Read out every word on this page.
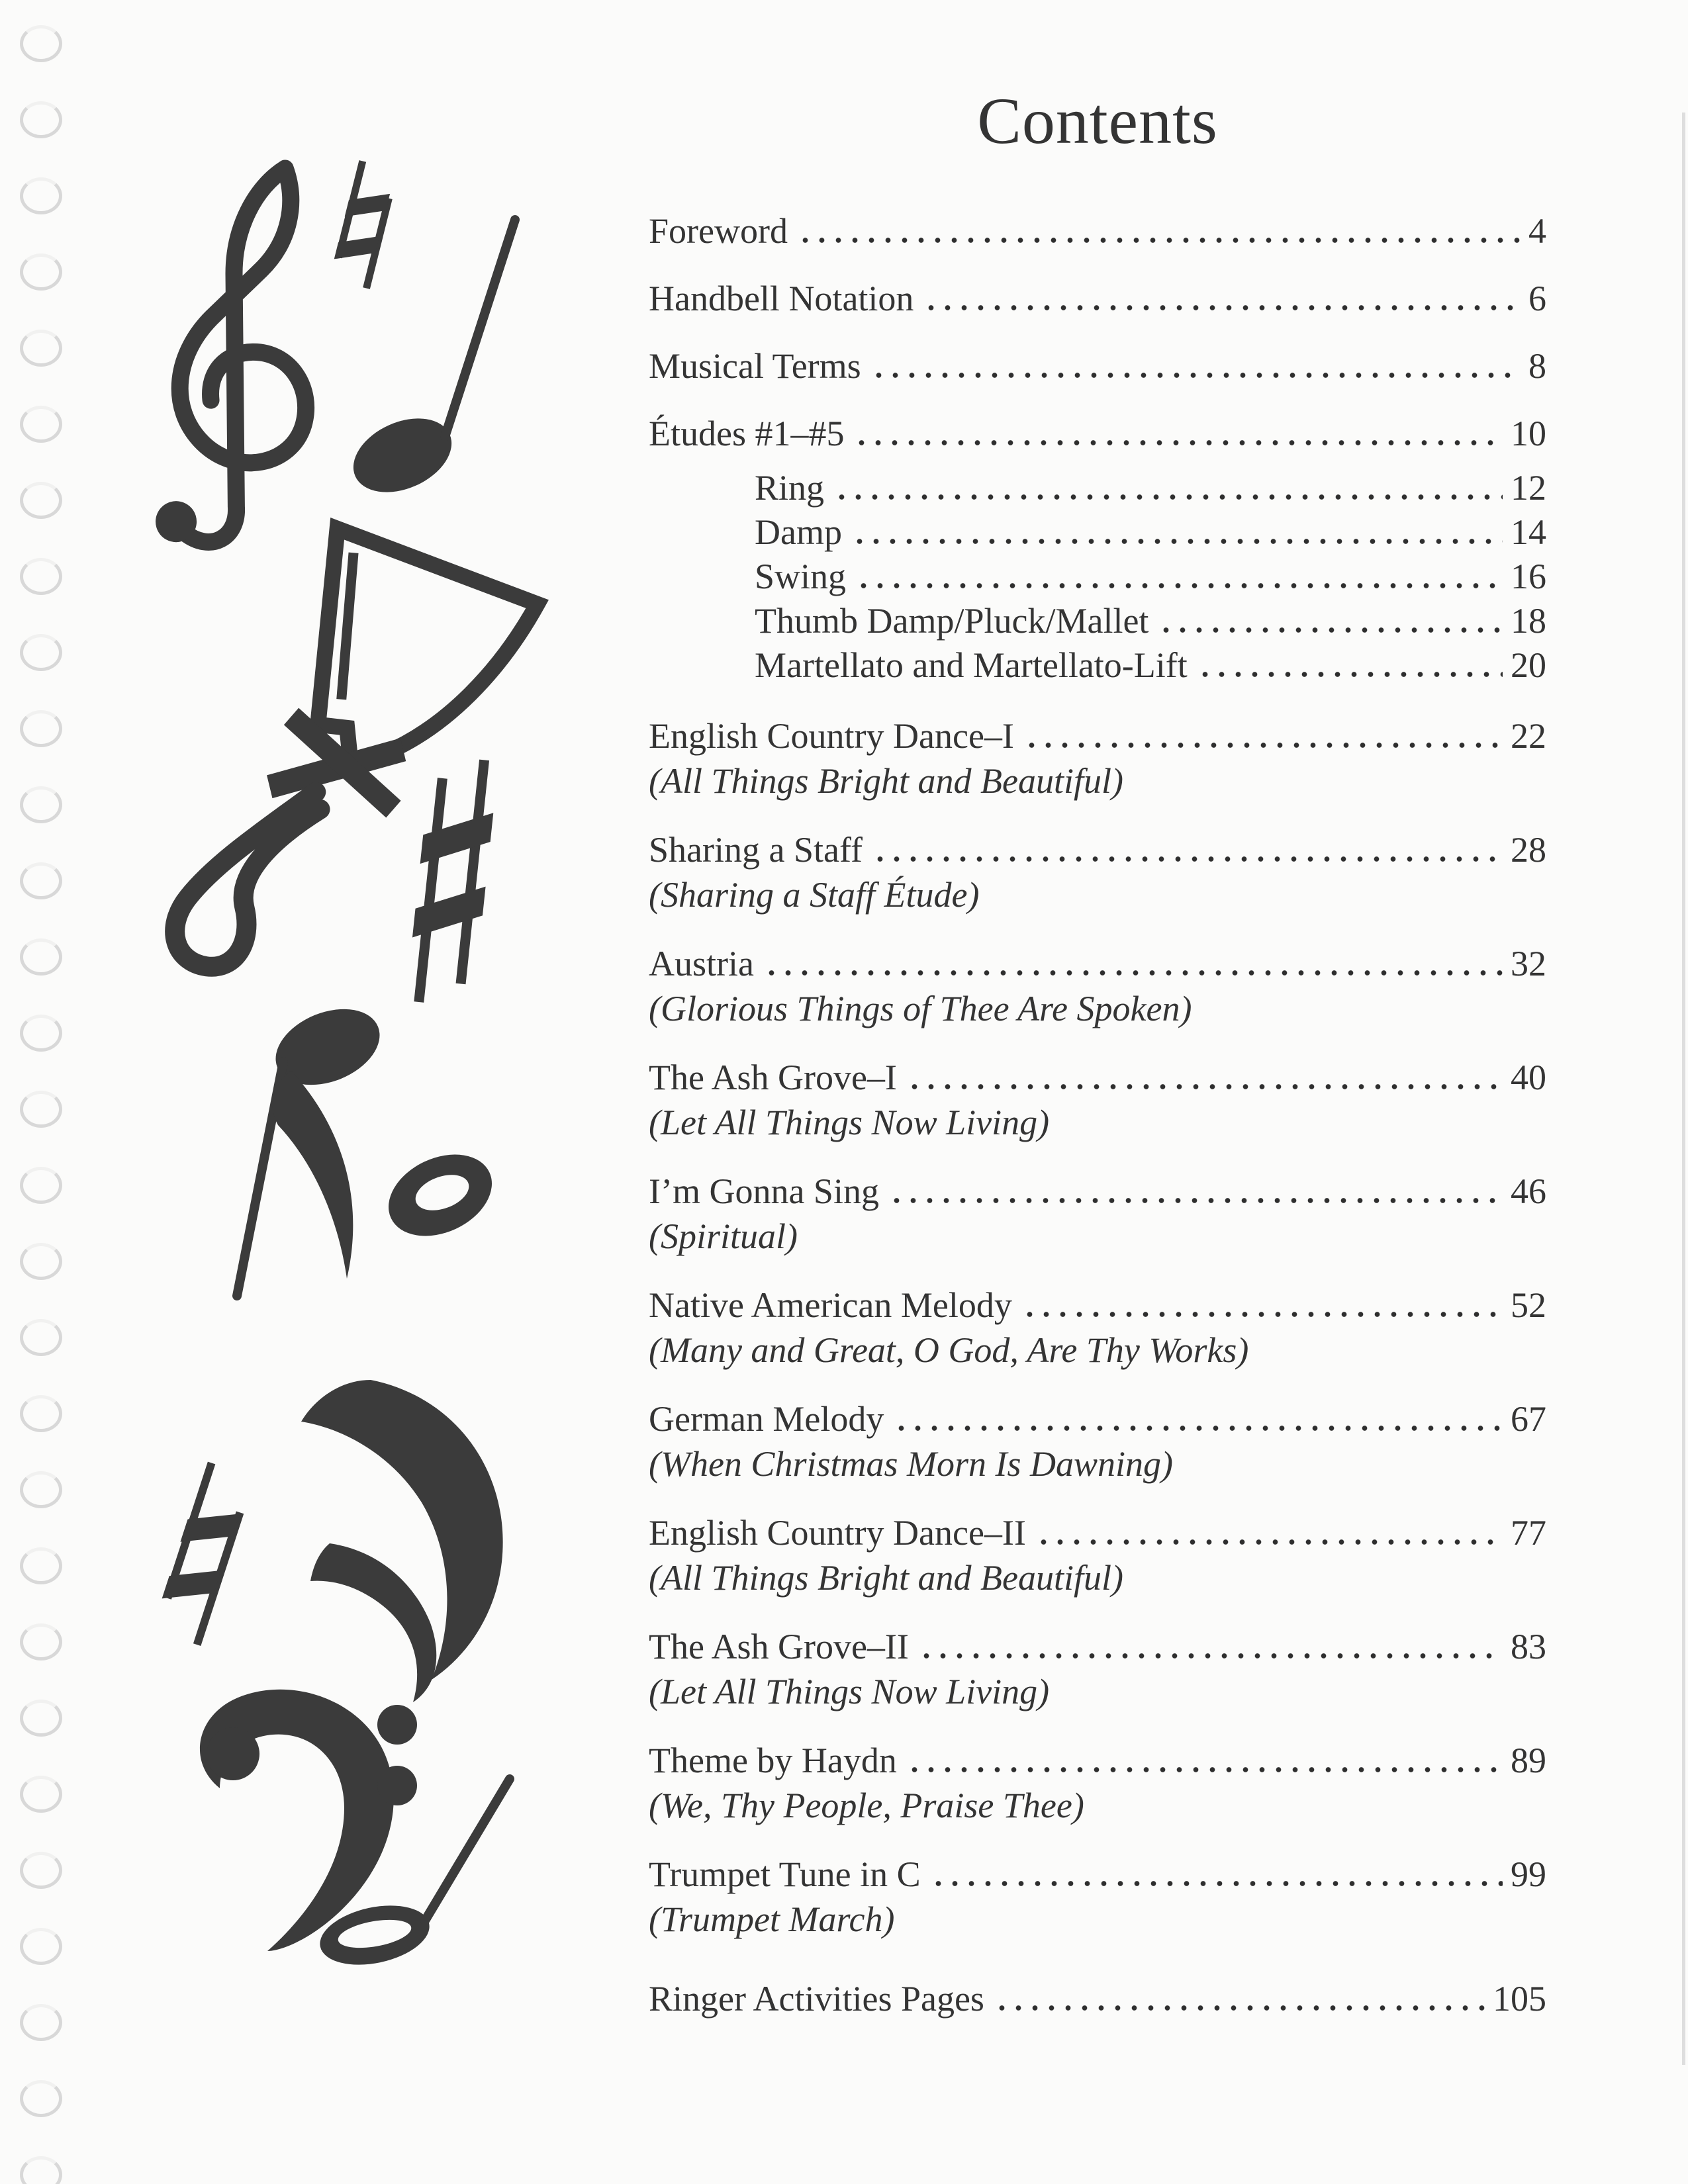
Contents
Foreword	4
Handbell Notation	6
Musical Terms	8
Études #1–#5	10
Ring	12
Damp	14
Swing	16
Thumb Damp/Pluck/Mallet	18
Martellato and Martellato-Lift	20
English Country Dance–I	22
(All Things Bright and Beautiful)
Sharing a Staff	28
(Sharing a Staff Étude)
Austria	32
(Glorious Things of Thee Are Spoken)
The Ash Grove–I	40
(Let All Things Now Living)
I’m Gonna Sing	46
(Spiritual)
Native American Melody	52
(Many and Great, O God, Are Thy Works)
German Melody	67
(When Christmas Morn Is Dawning)
English Country Dance–II	77
(All Things Bright and Beautiful)
The Ash Grove–II	83
(Let All Things Now Living)
Theme by Haydn	89
(We, Thy People, Praise Thee)
Trumpet Tune in C	99
(Trumpet March)
Ringer Activities Pages	105
